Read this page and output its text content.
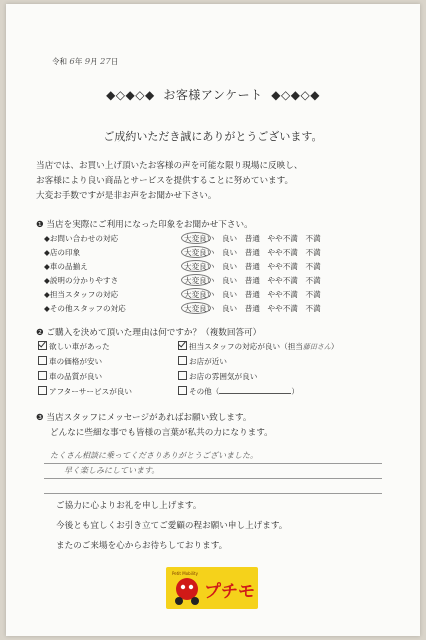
令和 6年 9月 27日
◆◇◆◇◆ お客様アンケート ◆◇◆◇◆
ご成約いただき誠にありがとうございます。
当店では、お買い上げ頂いたお客様の声を可能な限り現場に反映し、
お客様により良い商品とサービスを提供することに努めています。
大変お手数ですが是非お声をお聞かせ下さい。
❶ 当店を実際にご利用になった印象をお聞かせ下さい。
◆お問い合わせの対応	大変良い　良い　普通　やや不満　不満
◆店の印象	大変良い　良い　普通　やや不満　不満
◆車の品揃え	大変良い　良い　普通　やや不満　不満
◆説明の分かりやすさ	大変良い　良い　普通　やや不満　不満
◆担当スタッフの対応	大変良い　良い　普通　やや不満　不満
◆その他スタッフの対応	大変良い　良い　普通　やや不満　不満
❷ ご購入を決めて頂いた理由は何ですか？（複数回答可）
欲しい車があった
車の価格が安い
車の品質が良い
アフターサービスが良い
担当スタッフの対応が良い（担当藤田さん）
お店が近い
お店の雰囲気が良い
その他（	）
❸ 当店スタッフにメッセージがあればお願い致します。
どんなに些細な事でも皆様の言葉が私共の力になります。
たくさん相談に乗ってくださりありがとうございました。
早く楽しみにしています。
ご協力に心よりお礼を申し上げます。
今後とも宜しくお引き立てご愛顧の程お願い申し上げます。
またのご来場を心からお待ちしております。
Petit Mobility
プチモ
